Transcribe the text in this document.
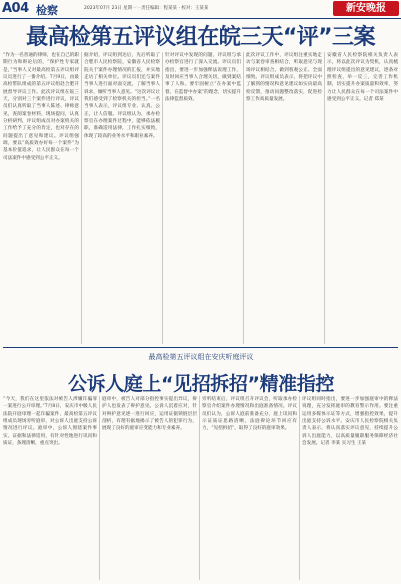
A04 检察	2023年07月 23日 星期一 · 责任编辑：程某某 · 校对：王某某	新安晚报
最高检第五评议组在皖三天“评”三案
“作为一名普通的律师，也在自己的职期行为和辩论后的，“保护性专家就是，”当事人又对最高检第五评议组评议员进行了一番介绍。7月9日，由最高检带队组成的第五评议组赴合肥开展督导评议工作。此次评议组在皖三天，分别对三个案件进行评议，评议员们认真听取了当事人陈述、律师意见，查阅案卷材料，现场提问，认真分析研判，评议组成员对办案机关的工作给予了充分的肯定，也对存在的问题提出了意见和建议。评议组强调，要以“高质效办好每一个案件”为基本价值追求，让人民群众在每一个司法案件中感受到公平正义。
据介绍，评议组到达后，先后听取了合肥市人民检察院、安徽省人民检察院关于案件办理情况的汇报，并实地走访了相关单位。评议员们还与案件当事人进行面对面交流，了解当事人诉求，倾听当事人意见。“这次评议让我们感受到了检察机关的担当。”一名当事人表示，评议组专业、认真、公正，让人信服。评议组认为，承办检察官在办理案件过程中，能够依法履职，准确适用法律，工作扎实细致，体现了较高的业务水平和职业素养。
针对评议中发现的问题，评议组与承办检察官进行了深入交流。评议员们指出，要进一步加强释法说理工作，及时回应当事人合理关切，做到案结事了人和。要牢固树立“在办案中监督、在监督中办案”的理念，切实提升法律监督质效。
此次评议工作中，评议组注重实地走访与案卷审查相结合，听取意见与现场评议相结合，做到客观公正、全面细致。评议组成员表示，将把评议中了解到的情况和意见建议如实向最高检反馈，推动问题整改落实，促进检察工作高质量发展。
安徽省人民检察院相关负责人表示，将以此次评议为契机，认真梳理评议组提出的意见建议，逐条对照检查，举一反三，完善工作机制，切实提升办案质量和效率，努力让人民群众在每一个司法案件中感受到公平正义。记者 郑某
最高检第五评议组在安庆听庭评议
公诉人庭上“见招拆招”精准指控
“今天，我们在这里依法对被告人涉嫌诈骗罪一案进行公开审理。”7月8日，安庆市中级人民法院开庭审理一起诈骗案件，最高检第五评议组成员现场旁听庭审，对公诉人出庭支持公诉情况进行评议。庭审中，公诉人围绕案件事实、证据和法律适用，有针对性地进行讯问和质证，条理清晰，重点突出。
庭审中，被告人对部分指控事实提出异议，辩护人也发表了辩护意见。公诉人沉着应对，针对辩护意见逐一进行回应，运用证据锁链层层剖析，有理有据地揭示了被告人的犯罪行为，展现了良好的庭审应变能力和专业素养。
旁听结束后，评议组召开评议会，听取承办检察官介绍案件办理情况和出庭准备情况。评议员们认为，公诉人庭前准备充分，庭上讯问和示证质证思路清晰，法庭辩论环节回应有力，“见招拆招”，取得了良好的庭审效果。
评议组同时指出，要进一步加强庭审中的释法说理，充分发挥庭审的教育警示作用。要注重运用多媒体示证等方式，增强指控效果，提升出庭支持公诉水平。安庆市人民检察院相关负责人表示，将认真落实评议意见，持续提升公诉人出庭能力，以高质量履职服务保障经济社会发展。记者 李某 实习生 王某
